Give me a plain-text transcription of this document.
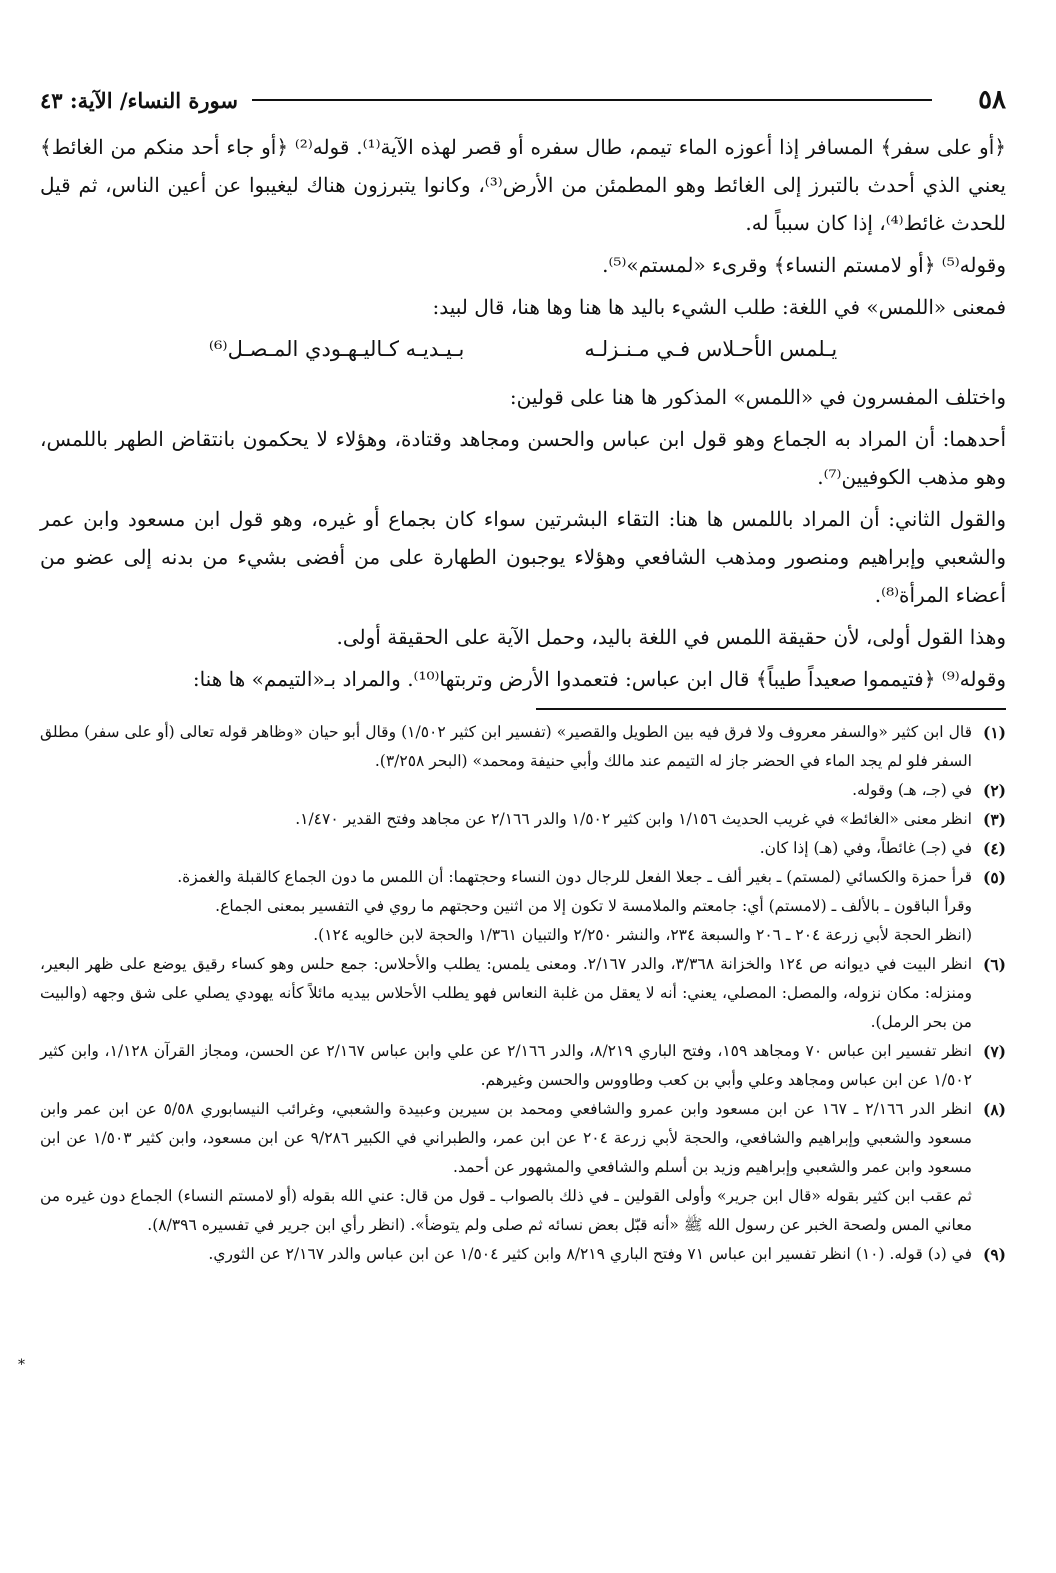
*
٥٨
سورة النساء/ الآية: ٤٣

﴿أو على سفر﴾ المسافر إذا أعوزه الماء تيمم، طال سفره أو قصر لهذه الآية⁽¹⁾. قوله⁽²⁾ ﴿أو جاء أحد منكم من الغائط﴾ يعني الذي أحدث بالتبرز إلى الغائط وهو المطمئن من الأرض⁽³⁾، وكانوا يتبرزون هناك ليغيبوا عن أعين الناس، ثم قيل للحدث غائط⁽⁴⁾، إذا كان سبباً له.

وقوله⁽⁵⁾ ﴿أو لامستم النساء﴾ وقرىء «لمستم»⁽⁵⁾.

فمعنى «اللمس» في اللغة: طلب الشيء باليد ها هنا وها هنا، قال لبيد:

يـلمس الأحـلاس فـي مـنـزلـه
بـيـديـه كـاليـهـودي المـصـل⁽⁶⁾

واختلف المفسرون في «اللمس» المذكور ها هنا على قولين:

أحدهما: أن المراد به الجماع وهو قول ابن عباس والحسن ومجاهد وقتادة، وهؤلاء لا يحكمون بانتقاض الطهر باللمس، وهو مذهب الكوفيين⁽⁷⁾.

والقول الثاني: أن المراد باللمس ها هنا: التقاء البشرتين سواء كان بجماع أو غيره، وهو قول ابن مسعود وابن عمر والشعبي وإبراهيم ومنصور ومذهب الشافعي وهؤلاء يوجبون الطهارة على من أفضى بشيء من بدنه إلى عضو من أعضاء المرأة⁽⁸⁾.

وهذا القول أولى، لأن حقيقة اللمس في اللغة باليد، وحمل الآية على الحقيقة أولى.

وقوله⁽⁹⁾ ﴿فتيمموا صعيداً طيباً﴾ قال ابن عباس: فتعمدوا الأرض وتربتها⁽¹⁰⁾. والمراد بـ«التيمم» ها هنا:

(١)
قال ابن كثير «والسفر معروف ولا فرق فيه بين الطويل والقصير» (تفسير ابن كثير ١/٥٠٢) وقال أبو حيان «وظاهر قوله تعالى (أو على سفر) مطلق السفر فلو لم يجد الماء في الحضر جاز له التيمم عند مالك وأبي حنيفة ومحمد» (البحر ٣/٢٥٨).
(٢)
في (جـ، هـ) وقوله.
(٣)
انظر معنى «الغائط» في غريب الحديث ١/١٥٦ وابن كثير ١/٥٠٢ والدر ٢/١٦٦ عن مجاهد وفتح القدير ١/٤٧٠.
(٤)
في (جـ) غائطاً، وفي (هـ) إذا كان.
(٥)
قرأ حمزة والكسائي (لمستم) ـ بغير ألف ـ جعلا الفعل للرجال دون النساء وحجتهما: أن اللمس ما دون الجماع كالقبلة والغمزة.
وقرأ الباقون ـ بالألف ـ (لامستم) أي: جامعتم والملامسة لا تكون إلا من اثنين وحجتهم ما روي في التفسير بمعنى الجماع.
(انظر الحجة لأبي زرعة ٢٠٤ ـ ٢٠٦ والسبعة ٢٣٤، والنشر ٢/٢٥٠ والتبيان ١/٣٦١ والحجة لابن خالويه ١٢٤).
(٦)
انظر البيت في ديوانه ص ١٢٤ والخزانة ٣/٣٦٨، والدر ٢/١٦٧. ومعنى يلمس: يطلب والأحلاس: جمع حلس وهو كساء رقيق يوضع على ظهر البعير، ومنزله: مكان نزوله، والمصل: المصلي، يعني: أنه لا يعقل من غلبة النعاس فهو يطلب الأحلاس بيديه مائلاً كأنه يهودي يصلي على شق وجهه (والبيت من بحر الرمل).
(٧)
انظر تفسير ابن عباس ٧٠ ومجاهد ١٥٩، وفتح الباري ٨/٢١٩، والدر ٢/١٦٦ عن علي وابن عباس ٢/١٦٧ عن الحسن، ومجاز القرآن ١/١٢٨، وابن كثير ١/٥٠٢ عن ابن عباس ومجاهد وعلي وأبي بن كعب وطاووس والحسن وغيرهم.
(٨)
انظر الدر ٢/١٦٦ ـ ١٦٧ عن ابن مسعود وابن عمرو والشافعي ومحمد بن سيرين وعبيدة والشعبي، وغرائب النيسابوري ٥/٥٨ عن ابن عمر وابن مسعود والشعبي وإبراهيم والشافعي، والحجة لأبي زرعة ٢٠٤ عن ابن عمر، والطبراني في الكبير ٩/٢٨٦ عن ابن مسعود، وابن كثير ١/٥٠٣ عن ابن مسعود وابن عمر والشعبي وإبراهيم وزيد بن أسلم والشافعي والمشهور عن أحمد.
ثم عقب ابن كثير بقوله «قال ابن جرير» وأولى القولين ـ في ذلك بالصواب ـ قول من قال: عني الله بقوله (أو لامستم النساء) الجماع دون غيره من معاني المس ولصحة الخبر عن رسول الله ﷺ «أنه قبّل بعض نسائه ثم صلى ولم يتوضأ». (انظر رأي ابن جرير في تفسيره ٨/٣٩٦).
(٩)
في (د) قوله. (١٠) انظر تفسير ابن عباس ٧١ وفتح الباري ٨/٢١٩ وابن كثير ١/٥٠٤ عن ابن عباس والدر ٢/١٦٧ عن الثوري.
